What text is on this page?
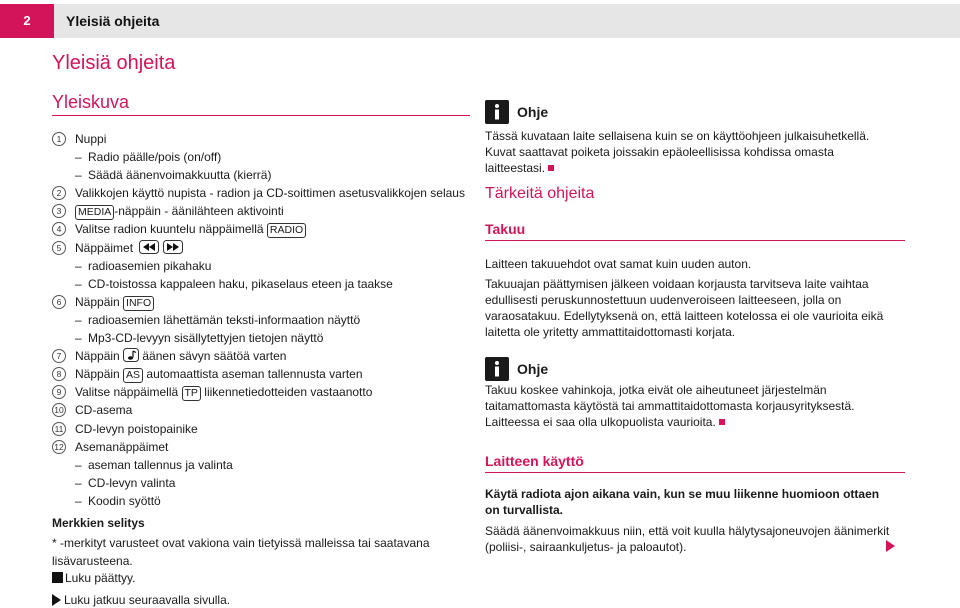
2	Yleisiä ohjeita
Yleisiä ohjeita
Yleiskuva
1	Nuppi
– Radio päälle/pois (on/off)
– Säädä äänenvoimakkuutta (kierrä)
2	Valikkojen käyttö nupista - radion ja CD-soittimen asetusvalikkojen selaus
3	MEDIA -näppäin - äänilähteen aktivointi
4	Valitse radion kuuntelu näppäimellä RADIO
5	Näppäimet
– radioasemien pikahaku
– CD-toistossa kappaleen haku, pikaselaus eteen ja taakse
6	Näppäin INFO
– radioasemien lähettämän teksti-informaation näyttö
– Mp3-CD-levyyn sisällytettyjen tietojen näyttö
7	Näppäin  äänen sävyn säätöä varten
8	Näppäin AS automaattista aseman tallennusta varten
9	Valitse näppäimellä TP liikennetiedotteiden vastaanotto
10 CD-asema
11 CD-levyn poistopainike
12 Asemanäppäimet
– aseman tallennus ja valinta
– CD-levyn valinta
– Koodin syöttö
Merkkien selitys
* -merkityt varusteet ovat vakiona vain tietyissä malleissa tai saatavana lisävarusteena.
Luku päättyy.
Luku jatkuu seuraavalla sivulla.
Ohje
Tässä kuvataan laite sellaisena kuin se on käyttöohjeen julkaisuhetkellä. Kuvat saattavat poiketa joissakin epäoleellisissa kohdissa omasta laitteestasi.
Tärkeitä ohjeita
Takuu
Laitteen takuuehdot ovat samat kuin uuden auton.
Takuuajan päättymisen jälkeen voidaan korjausta tarvitseva laite vaihtaa edullisesti peruskunnostettuun uudenveroiseen laitteeseen, jolla on varaosatakuu. Edellytyksenä on, että laitteen kotelossa ei ole vaurioita eikä laitetta ole yritetty ammattitaidottomasti korjata.
Ohje
Takuu koskee vahinkoja, jotka eivät ole aiheutuneet järjestelmän taitamattomasta käytöstä tai ammattitaidottomasta korjausyrityksestä. Laitteessa ei saa olla ulkopuolista vaurioita.
Laitteen käyttö
Käytä radiota ajon aikana vain, kun se muu liikenne huomioon ottaen on turvallista.
Säädä äänenvoimakkuus niin, että voit kuulla hälytysajoneuvojen äänimerkit (poliisi-, sairaankuljetus- ja paloautot).
